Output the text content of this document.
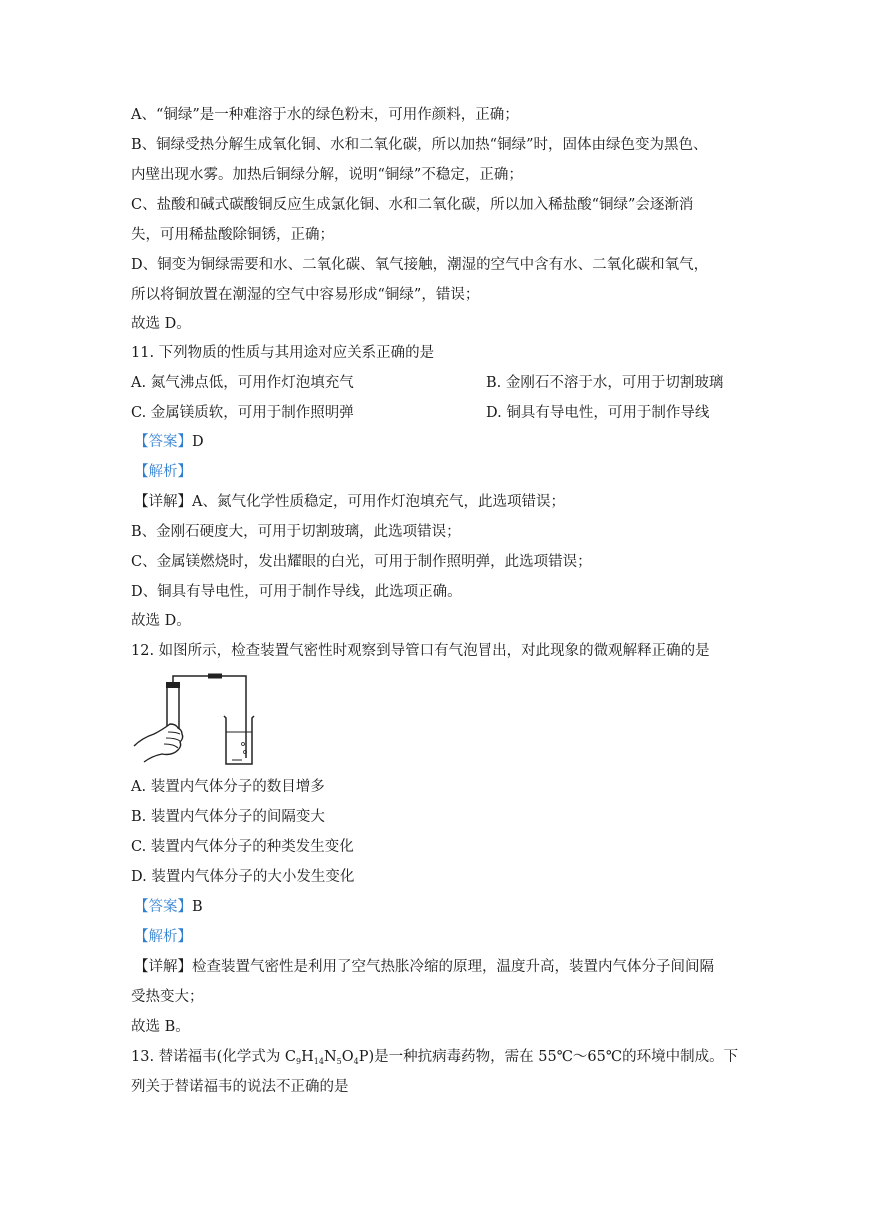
A、“铜绿”是一种难溶于水的绿色粉末，可用作颜料，正确；
B、铜绿受热分解生成氧化铜、水和二氧化碳，所以加热“铜绿”时，固体由绿色变为黑色、
内壁出现水雾。加热后铜绿分解，说明“铜绿”不稳定，正确；
C、盐酸和碱式碳酸铜反应生成氯化铜、水和二氧化碳，所以加入稀盐酸“铜绿”会逐渐消
失，可用稀盐酸除铜锈，正确；
D、铜变为铜绿需要和水、二氧化碳、氧气接触，潮湿的空气中含有水、二氧化碳和氧气，
所以将铜放置在潮湿的空气中容易形成“铜绿”，错误；
故选 D。
11. 下列物质的性质与其用途对应关系正确的是
A. 氮气沸点低，可用作灯泡填充气	B. 金刚石不溶于水，可用于切割玻璃
C. 金属镁质软，可用于制作照明弹	D. 铜具有导电性，可用于制作导线
【答案】D
【解析】
【详解】A、氮气化学性质稳定，可用作灯泡填充气，此选项错误；
B、金刚石硬度大，可用于切割玻璃，此选项错误；
C、金属镁燃烧时，发出耀眼的白光，可用于制作照明弹，此选项错误；
D、铜具有导电性，可用于制作导线，此选项正确。
故选 D。
12. 如图所示，检查装置气密性时观察到导管口有气泡冒出，对此现象的微观解释正确的是
A. 装置内气体分子的数目增多
B. 装置内气体分子的间隔变大
C. 装置内气体分子的种类发生变化
D. 装置内气体分子的大小发生变化
【答案】B
【解析】
【详解】检查装置气密性是利用了空气热胀冷缩的原理，温度升高，装置内气体分子间间隔
受热变大；
故选 B。
13. 替诺福韦(化学式为 $C_9H_{14}N_5O_4P$)是一种抗病毒药物，需在 55℃～65℃的环境中制成。下
列关于替诺福韦的说法不正确的是
